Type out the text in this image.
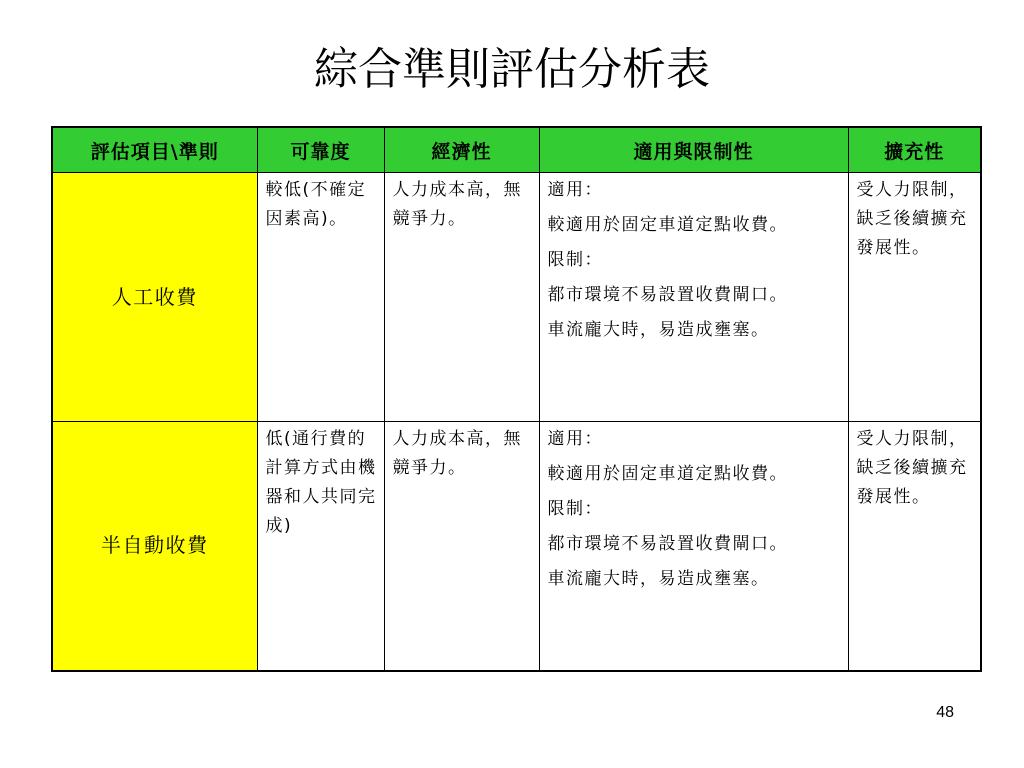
綜合準則評估分析表
評估項目\準則	可靠度	經濟性	適用與限制性	擴充性
人工收費	較低(不確定因素高)。	人力成本高，無競爭力。	適用：

較適用於固定車道定點收費。

限制：

都市環境不易設置收費閘口。

車流龐大時，易造成壅塞。	受人力限制，缺乏後續擴充發展性。

半自動收費	低(通行費的計算方式由機器和人共同完成)	人力成本高，無競爭力。	適用：

較適用於固定車道定點收費。

限制：

都市環境不易設置收費閘口。

車流龐大時，易造成壅塞。	受人力限制，缺乏後續擴充發展性。
48
